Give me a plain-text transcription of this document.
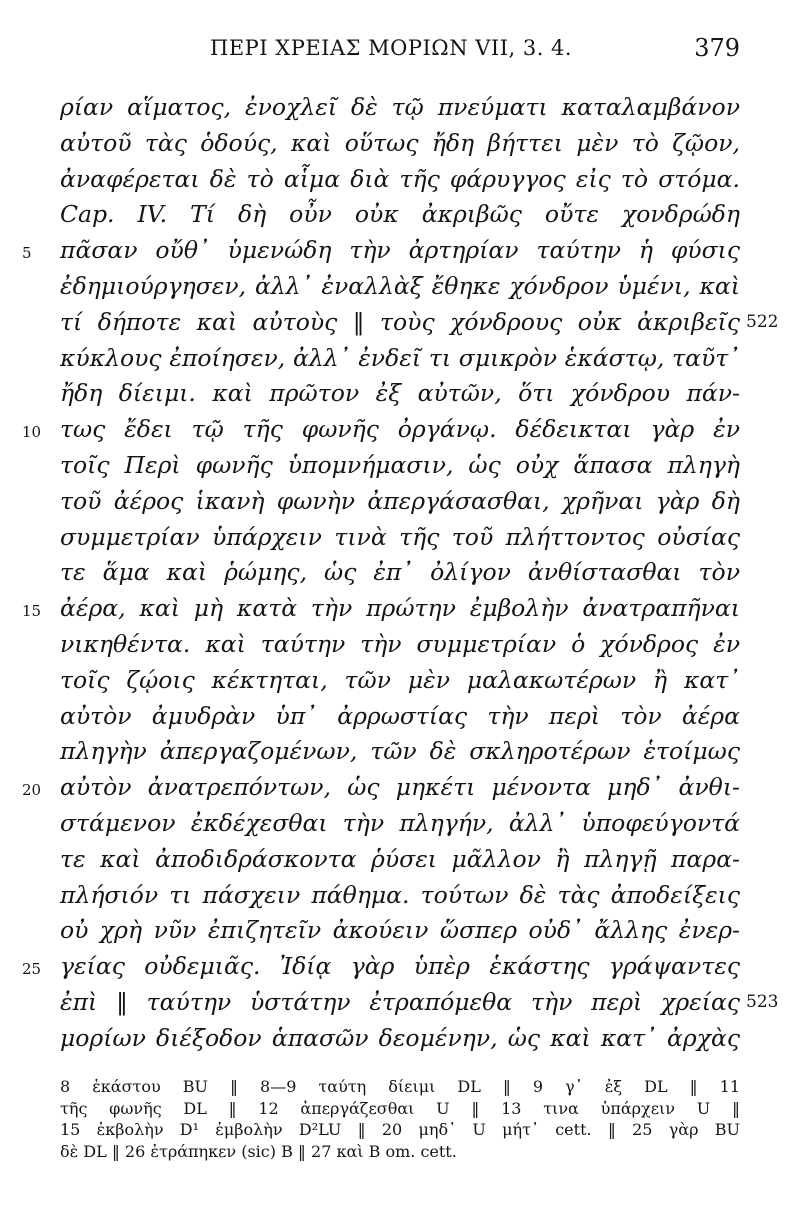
ΠΕΡΙ ΧΡΕΙΑΣ ΜΟΡΙΩΝ VII, 3. 4.	379
ρίαν αἵματος, ἐνοχλεῖ δὲ τῷ πνεύματι καταλαμβάνον
αὐτοῦ τὰς ὁδούς, καὶ οὕτως ἤδη βήττει μὲν τὸ ζῷον,
ἀναφέρεται δὲ τὸ αἷμα διὰ τῆς φάρυγγος εἰς τὸ στόμα.
Cap. IV. Τί δὴ οὖν οὐκ ἀκριβῶς οὔτε χονδρώδη
5 πᾶσαν οὔθ᾽ ὑμενώδη τὴν ἀρτηρίαν ταύτην ἡ φύσις
ἐδημιούργησεν, ἀλλ᾽ ἐναλλὰξ ἔθηκε χόνδρον ὑμένι, καὶ
τί δήποτε καὶ αὐτοὺς ‖ τοὺς χόνδρους οὐκ ἀκριβεῖς 522
κύκλους ἐποίησεν, ἀλλ᾽ ἐνδεῖ τι σμικρὸν ἑκάστῳ, ταῦτ᾽
ἤδη δίειμι. καὶ πρῶτον ἐξ αὐτῶν, ὅτι χόνδρου πάν-
10 τως ἔδει τῷ τῆς φωνῆς ὀργάνῳ. δέδεικται γὰρ ἐν
τοῖς Περὶ φωνῆς ὑπομνήμασιν, ὡς οὐχ ἅπασα πληγὴ
τοῦ ἀέρος ἱκανὴ φωνὴν ἀπεργάσασθαι, χρῆναι γὰρ δὴ
συμμετρίαν ὑπάρχειν τινὰ τῆς τοῦ πλήττοντος οὐσίας
τε ἅμα καὶ ῥώμης, ὡς ἐπ᾽ ὀλίγον ἀνθίστασθαι τὸν
15 ἀέρα, καὶ μὴ κατὰ τὴν πρώτην ἐμβολὴν ἀνατραπῆναι
νικηθέντα. καὶ ταύτην τὴν συμμετρίαν ὁ χόνδρος ἐν
τοῖς ζῴοις κέκτηται, τῶν μὲν μαλακωτέρων ἢ κατ᾽
αὐτὸν ἀμυδρὰν ὑπ᾽ ἀρρωστίας τὴν περὶ τὸν ἀέρα
πληγὴν ἀπεργαζομένων, τῶν δὲ σκληροτέρων ἑτοίμως
20 αὐτὸν ἀνατρεπόντων, ὡς μηκέτι μένοντα μηδ᾽ ἀνθι-
στάμενον ἐκδέχεσθαι τὴν πληγήν, ἀλλ᾽ ὑποφεύγοντά
τε καὶ ἀποδιδράσκοντα ῥύσει μᾶλλον ἢ πληγῇ παρα-
πλήσιόν τι πάσχειν πάθημα. τούτων δὲ τὰς ἀποδείξεις
οὐ χρὴ νῦν ἐπιζητεῖν ἀκούειν ὥσπερ οὐδ᾽ ἄλλης ἐνερ-
25 γείας οὐδεμιᾶς. Ἰδίᾳ γὰρ ὑπὲρ ἑκάστης γράψαντες
ἐπὶ ‖ ταύτην ὑστάτην ἐτραπόμεθα τὴν περὶ χρείας 523
μορίων διέξοδον ἁπασῶν δεομένην, ὡς καὶ κατ᾽ ἀρχὰς
8 ἑκάστου BU ‖ 8—9 ταύτη δίειμι DL ‖ 9 γ᾽ ἐξ DL ‖ 11
τῆς φωνῆς DL ‖ 12 ἀπεργάζεσθαι U ‖ 13 τινα ὑπάρχειν U ‖
15 ἐκβολὴν D¹ ἐμβολὴν D²LU ‖ 20 μηδ᾽ U μήτ᾽ cett. ‖ 25 γὰρ BU
δὲ DL ‖ 26 ἐτράπηκεν (sic) B ‖ 27 καὶ B om. cett.
